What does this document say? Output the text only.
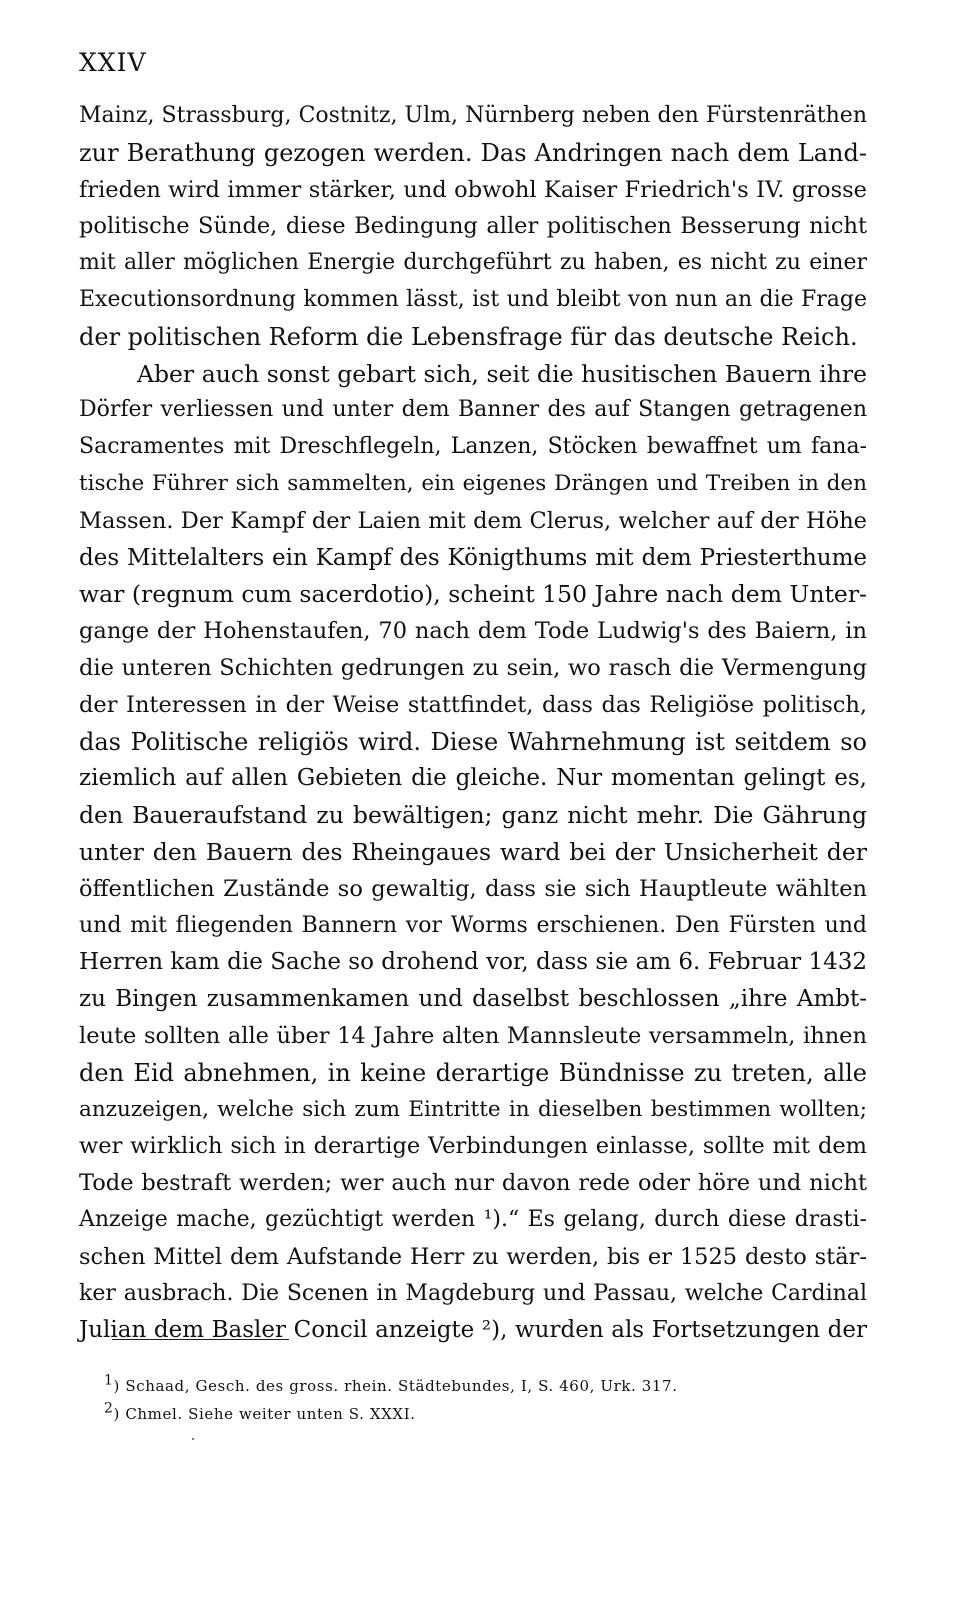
XXIV
Mainz, Strassburg, Costnitz, Ulm, Nürnberg neben den Fürstenräthen
zur Berathung gezogen werden. Das Andringen nach dem Land-
frieden wird immer stärker, und obwohl Kaiser Friedrich's IV. grosse
politische Sünde, diese Bedingung aller politischen Besserung nicht
mit aller möglichen Energie durchgeführt zu haben, es nicht zu einer
Executionsordnung kommen lässt, ist und bleibt von nun an die Frage
der politischen Reform die Lebensfrage für das deutsche Reich.
Aber auch sonst gebart sich, seit die husitischen Bauern ihre
Dörfer verliessen und unter dem Banner des auf Stangen getragenen
Sacramentes mit Dreschflegeln, Lanzen, Stöcken bewaffnet um fana-
tische Führer sich sammelten, ein eigenes Drängen und Treiben in den
Massen. Der Kampf der Laien mit dem Clerus, welcher auf der Höhe
des Mittelalters ein Kampf des Königthums mit dem Priesterthume
war (regnum cum sacerdotio), scheint 150 Jahre nach dem Unter-
gange der Hohenstaufen, 70 nach dem Tode Ludwig's des Baiern, in
die unteren Schichten gedrungen zu sein, wo rasch die Vermengung
der Interessen in der Weise stattfindet, dass das Religiöse politisch,
das Politische religiös wird. Diese Wahrnehmung ist seitdem so
ziemlich auf allen Gebieten die gleiche. Nur momentan gelingt es,
den Baueraufstand zu bewältigen; ganz nicht mehr. Die Gährung
unter den Bauern des Rheingaues ward bei der Unsicherheit der
öffentlichen Zustände so gewaltig, dass sie sich Hauptleute wählten
und mit fliegenden Bannern vor Worms erschienen. Den Fürsten und
Herren kam die Sache so drohend vor, dass sie am 6. Februar 1432
zu Bingen zusammenkamen und daselbst beschlossen „ihre Ambt-
leute sollten alle über 14 Jahre alten Mannsleute versammeln, ihnen
den Eid abnehmen, in keine derartige Bündnisse zu treten, alle
anzuzeigen, welche sich zum Eintritte in dieselben bestimmen wollten;
wer wirklich sich in derartige Verbindungen einlasse, sollte mit dem
Tode bestraft werden; wer auch nur davon rede oder höre und nicht
Anzeige mache, gezüchtigt werden ¹).“ Es gelang, durch diese drasti-
schen Mittel dem Aufstande Herr zu werden, bis er 1525 desto stär-
ker ausbrach. Die Scenen in Magdeburg und Passau, welche Cardinal
Julian dem Basler Concil anzeigte ²), wurden als Fortsetzungen der
$^1$) Schaad, Gesch. des gross. rhein. Städtebundes, I, S. 460, Urk. 317.
$^2$) Chmel. Siehe weiter unten S. XXXI.
